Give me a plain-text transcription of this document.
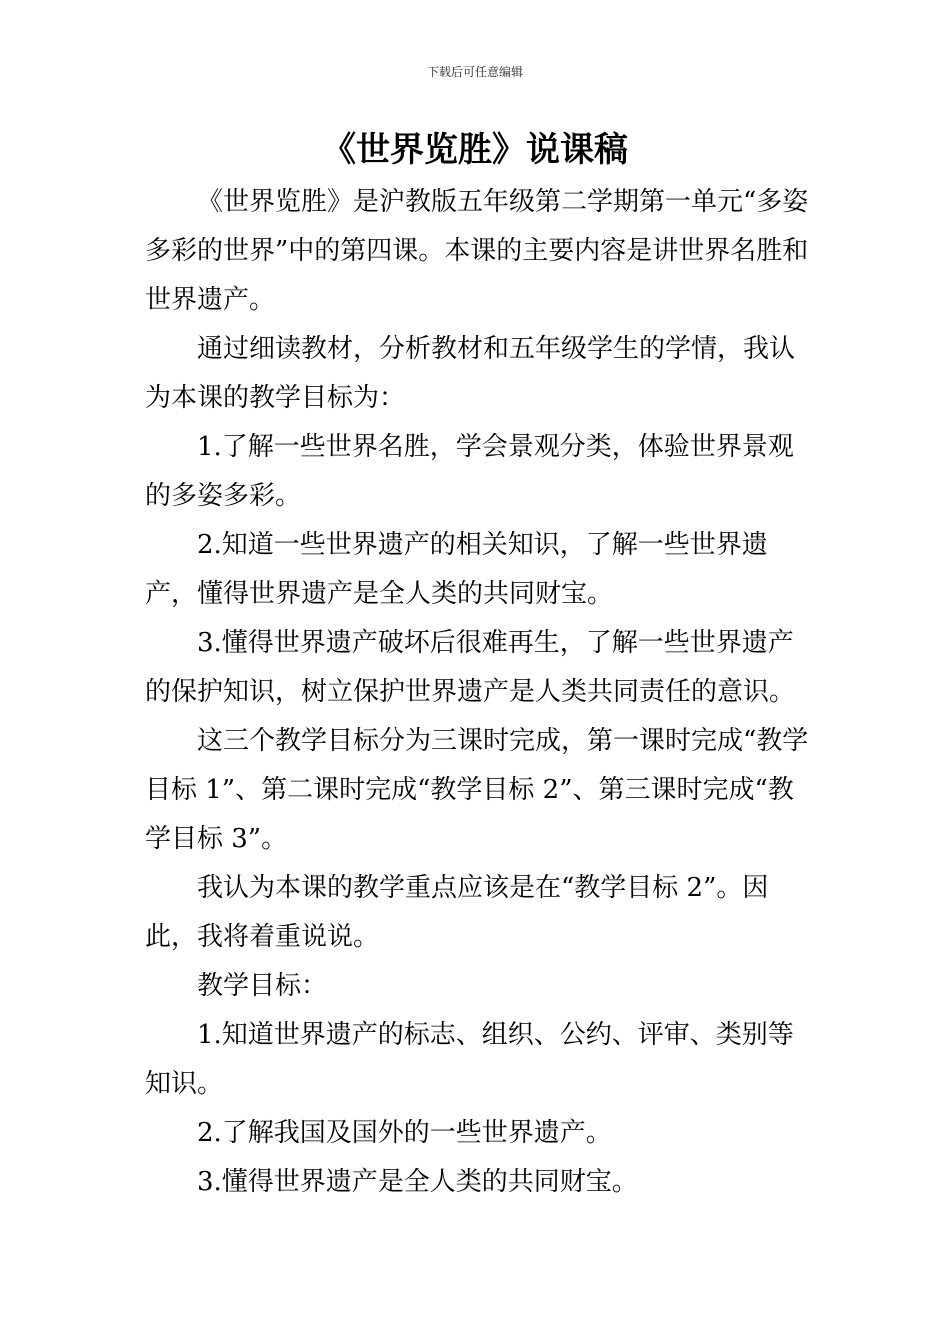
下载后可任意编辑
《世界览胜》说课稿

《世界览胜》是沪教版五年级第二学期第一单元“多姿多彩的世界”中的第四课。本课的主要内容是讲世界名胜和世界遗产。

通过细读教材，分析教材和五年级学生的学情，我认为本课的教学目标为：

1.了解一些世界名胜，学会景观分类，体验世界景观的多姿多彩。

2.知道一些世界遗产的相关知识，了解一些世界遗产，懂得世界遗产是全人类的共同财宝。

3.懂得世界遗产破坏后很难再生，了解一些世界遗产的保护知识，树立保护世界遗产是人类共同责任的意识。

这三个教学目标分为三课时完成，第一课时完成“教学目标 1”、第二课时完成“教学目标 2”、第三课时完成“教学目标 3”。

我认为本课的教学重点应该是在“教学目标 2”。因此，我将着重说说。

教学目标：

1.知道世界遗产的标志、组织、公约、评审、类别等知识。

2.了解我国及国外的一些世界遗产。

3.懂得世界遗产是全人类的共同财宝。
